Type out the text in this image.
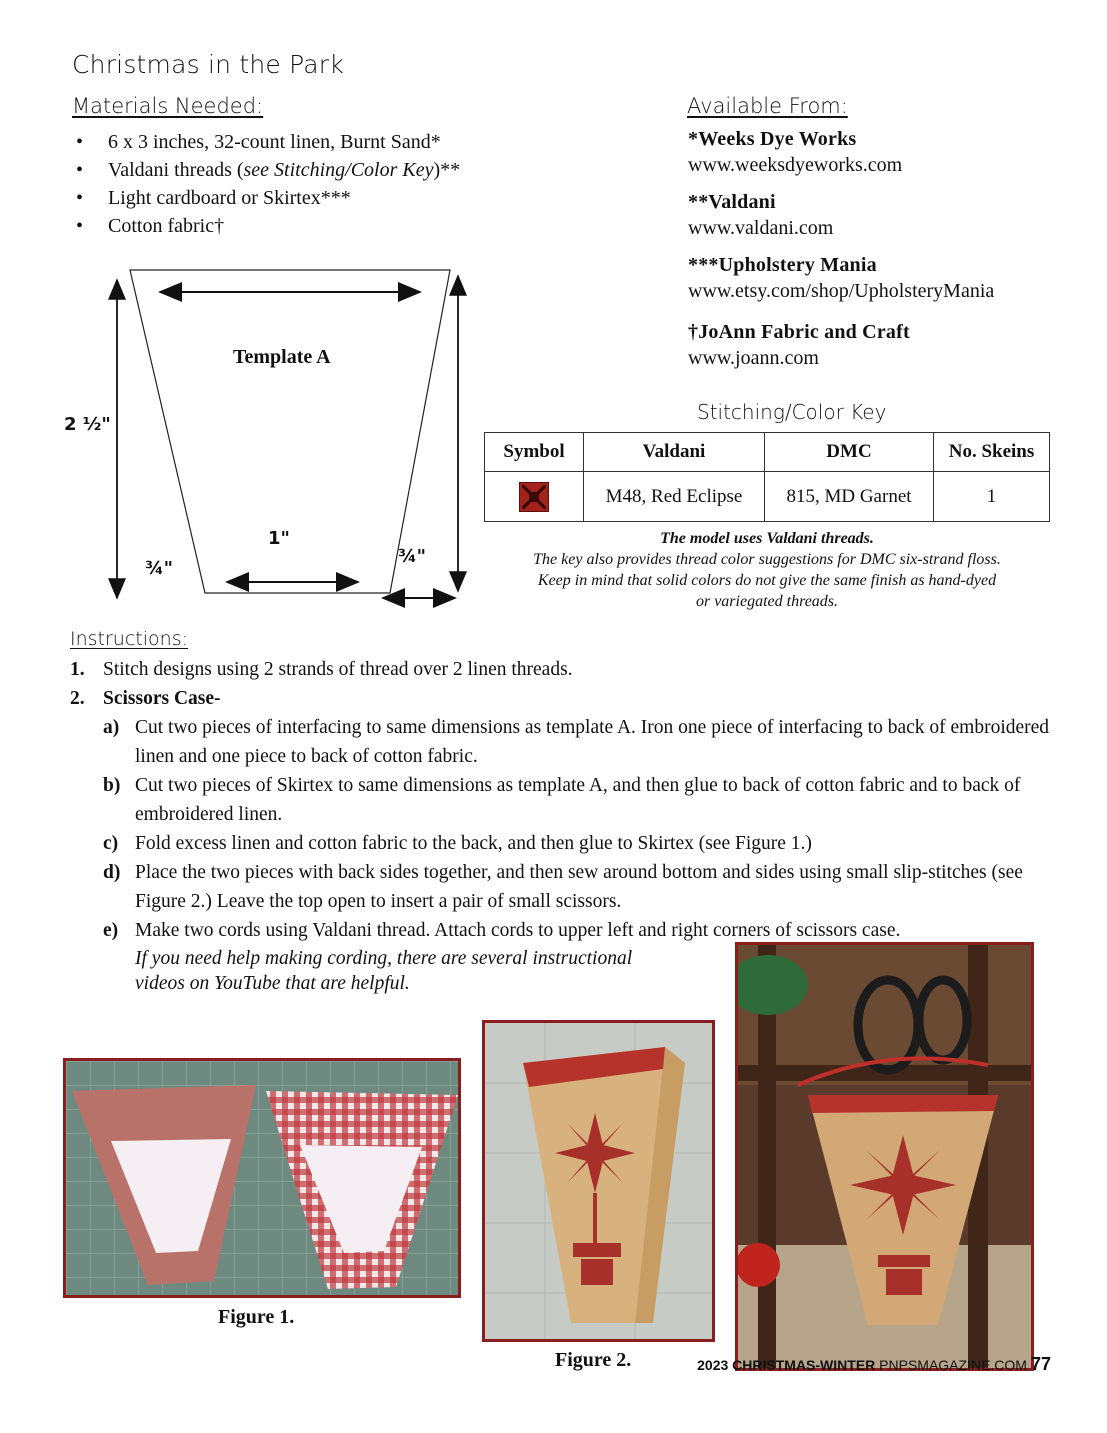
Christmas in the Park
Materials Needed:
• 6 x 3 inches, 32-count linen, Burnt Sand*
• Valdani threads (see Stitching/Color Key)**
• Light cardboard or Skirtex***
• Cotton fabric†
Template A
2 ½"
1"
¾"
¾"
Available From:
*Weeks Dye Works
www.weeksdyeworks.com
**Valdani
www.valdani.com
***Upholstery Mania
www.etsy.com/shop/UpholsteryMania
†JoAnn Fabric and Craft
www.joann.com
Stitching/Color Key
Symbol	Valdani	DMC	No. Skeins
	M48, Red Eclipse	815, MD Garnet	1
The model uses Valdani threads.
The key also provides thread color suggestions for DMC six-strand floss.
Keep in mind that solid colors do not give the same finish as hand-dyed
or variegated threads.
Instructions:
1. Stitch designs using 2 strands of thread over 2 linen threads.
2. Scissors Case-
a) Cut two pieces of interfacing to same dimensions as template A. Iron one piece of interfacing to back of embroidered linen and one piece to back of cotton fabric.
b) Cut two pieces of Skirtex to same dimensions as template A, and then glue to back of cotton fabric and to back of embroidered linen.
c) Fold excess linen and cotton fabric to the back, and then glue to Skirtex (see Figure 1.)
d) Place the two pieces with back sides together, and then sew around bottom and sides using small slip-stitches (see Figure 2.) Leave the top open to insert a pair of small scissors.
e) Make two cords using Valdani thread. Attach cords to upper left and right corners of scissors case.
If you need help making cording, there are several instructional
videos on YouTube that are helpful.
Figure 1.
Figure 2.	2023 CHRISTMAS-WINTER PNPSMAGAZINE.COM 77
